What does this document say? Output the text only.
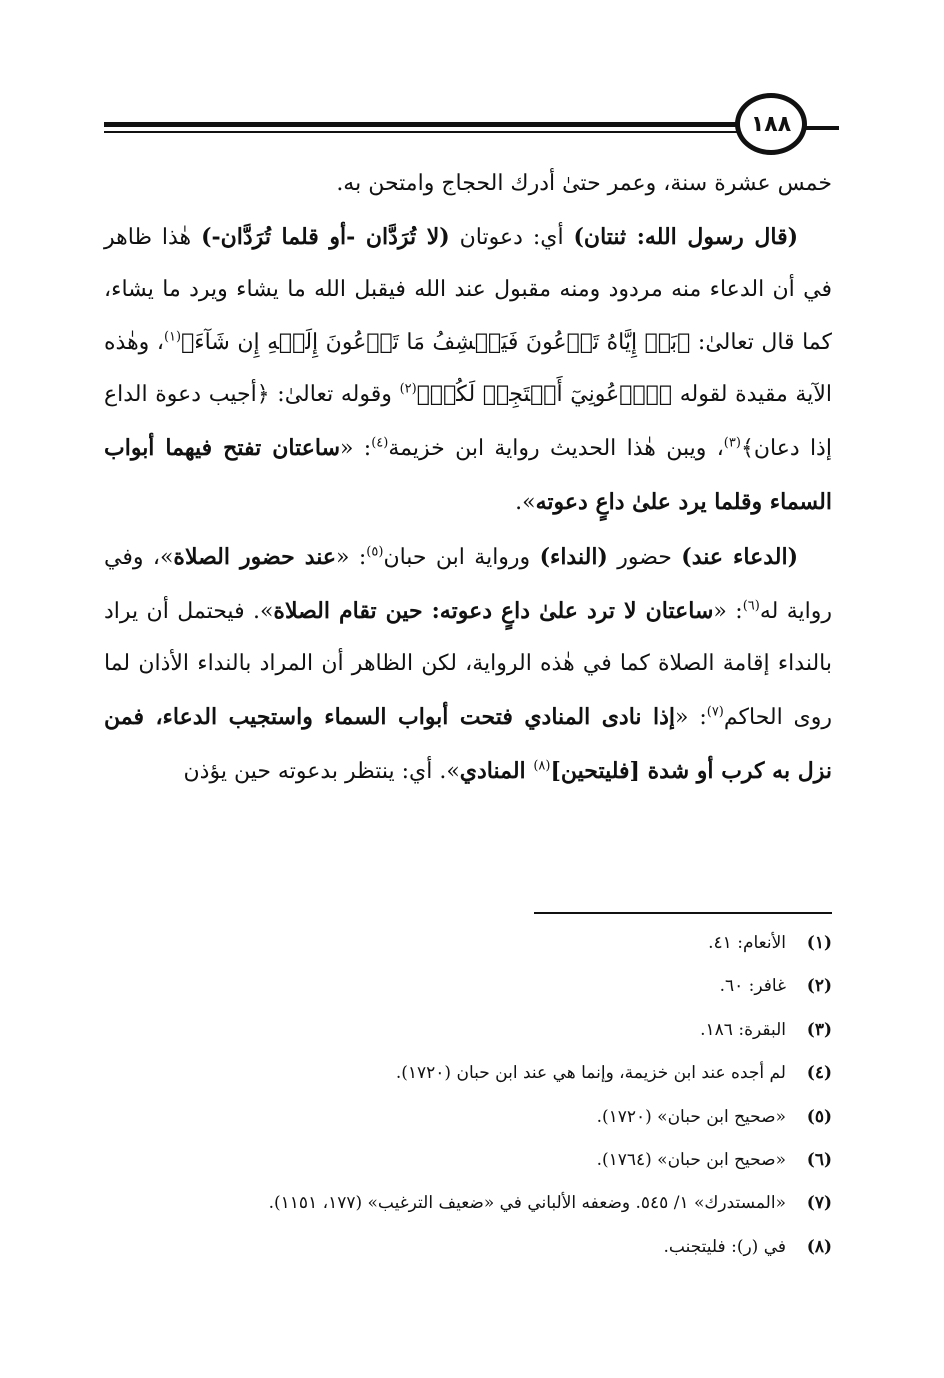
١٨٨

خمس عشرة سنة، وعمر حتىٰ أدرك الحجاج وامتحن به.

(قال رسول الله: ثنتان) أي: دعوتان (لا تُرَدَّان -أو قلما تُرَدَّان-) هٰذا ظاهر في أن الدعاء منه مردود ومنه مقبول عند الله فيقبل الله ما يشاء ويرد ما يشاء، كما قال تعالىٰ: ﴿بَلۡ إِيَّاهُ تَدۡعُونَ فَيَكۡشِفُ مَا تَدۡعُونَ إِلَيۡهِ إِن شَآءَ﴾$^{(١)}$، وهٰذه الآية مقيدة لقوله ﴿ٱدۡعُونِيٓ أَسۡتَجِبۡ لَكُمۡ﴾$^{(٢)}$ وقوله تعالىٰ: ﴿أجيب دعوة الداع إذا دعان﴾$^{(٣)}$، ويبن هٰذا الحديث رواية ابن خزيمة$^{(٤)}$: «ساعتان تفتح فيهما أبواب السماء وقلما يرد علىٰ داعٍ دعوته».

(الدعاء عند) حضور (النداء) ورواية ابن حبان$^{(٥)}$: «عند حضور الصلاة»، وفي رواية له$^{(٦)}$: «ساعتان لا ترد علىٰ داعٍ دعوته: حين تقام الصلاة». فيحتمل أن يراد بالنداء إقامة الصلاة كما في هٰذه الرواية، لكن الظاهر أن المراد بالنداء الأذان لما روى الحاكم$^{(٧)}$: «إذا نادى المنادي فتحت أبواب السماء واستجيب الدعاء، فمن نزل به كرب أو شدة [فليتحين]$^{(٨)}$ المنادي». أي: ينتظر بدعوته حين يؤذن

(١)
الأنعام: ٤١.
(٢)
غافر: ٦٠.
(٣)
البقرة: ١٨٦.
(٤)
لم أجده عند ابن خزيمة، وإنما هي عند ابن حبان (١٧٢٠).
(٥)
«صحيح ابن حبان» (١٧٢٠).
(٦)
«صحيح ابن حبان» (١٧٦٤).
(٧)
«المستدرك» ١/ ٥٤٥. وضعفه الألباني في «ضعيف الترغيب» (١٧٧، ١١٥١).
(٨)
في (ر): فليتجنب.
